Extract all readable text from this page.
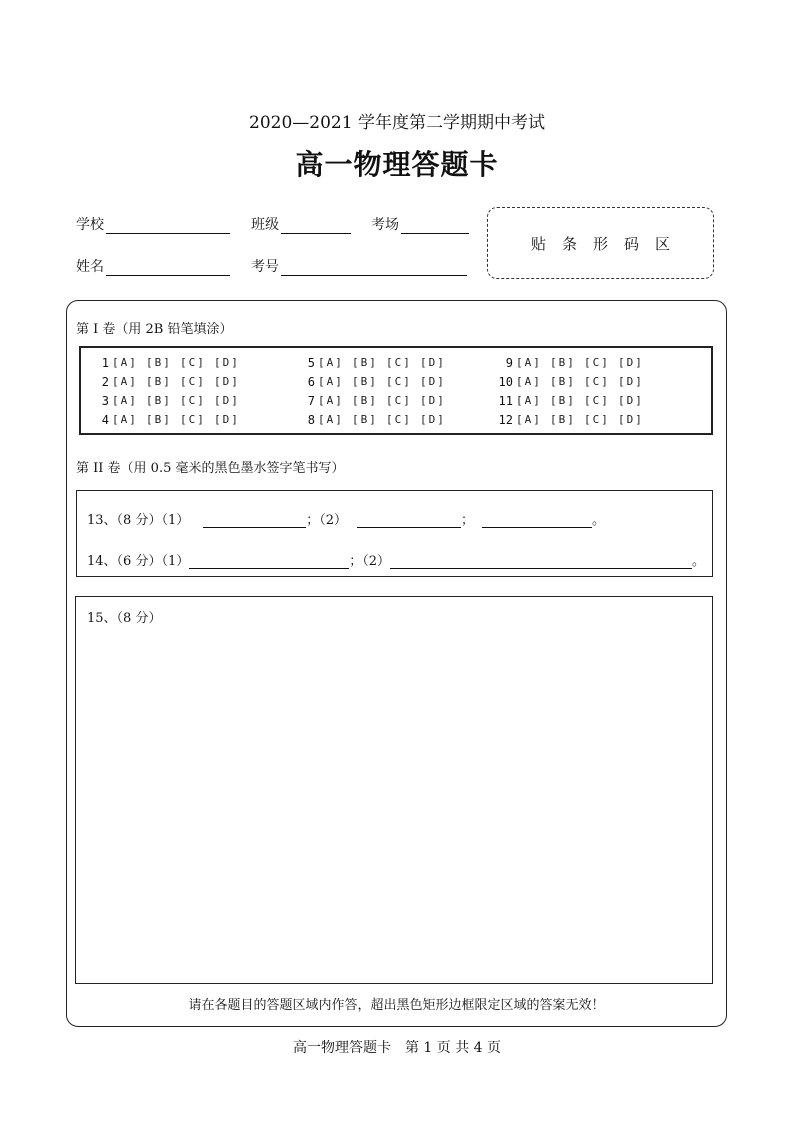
2020—2021 学年度第二学期期中考试
高一物理答题卡
学校	班级	考场
姓名	考号
贴条形码区
第 I 卷（用 2B 铅笔填涂）
1 [A] [B] [C] [D]
2 [A] [B] [C] [D]
3 [A] [B] [C] [D]
4 [A] [B] [C] [D]
5 [A] [B] [C] [D]
6 [A] [B] [C] [D]
7 [A] [B] [C] [D]
8 [A] [B] [C] [D]
9 [A] [B] [C] [D]
10 [A] [B] [C] [D]
11 [A] [B] [C] [D]
12 [A] [B] [C] [D]
第 II 卷（用 0.5 毫米的黑色墨水签字笔书写）
13、（8 分）（1）	；（2）	；	。
14、（6 分）（1）	；（2）	。
15、（8 分）
请在各题目的答题区域内作答，超出黑色矩形边框限定区域的答案无效！
高一物理答题卡　第 1 页 共 4 页
